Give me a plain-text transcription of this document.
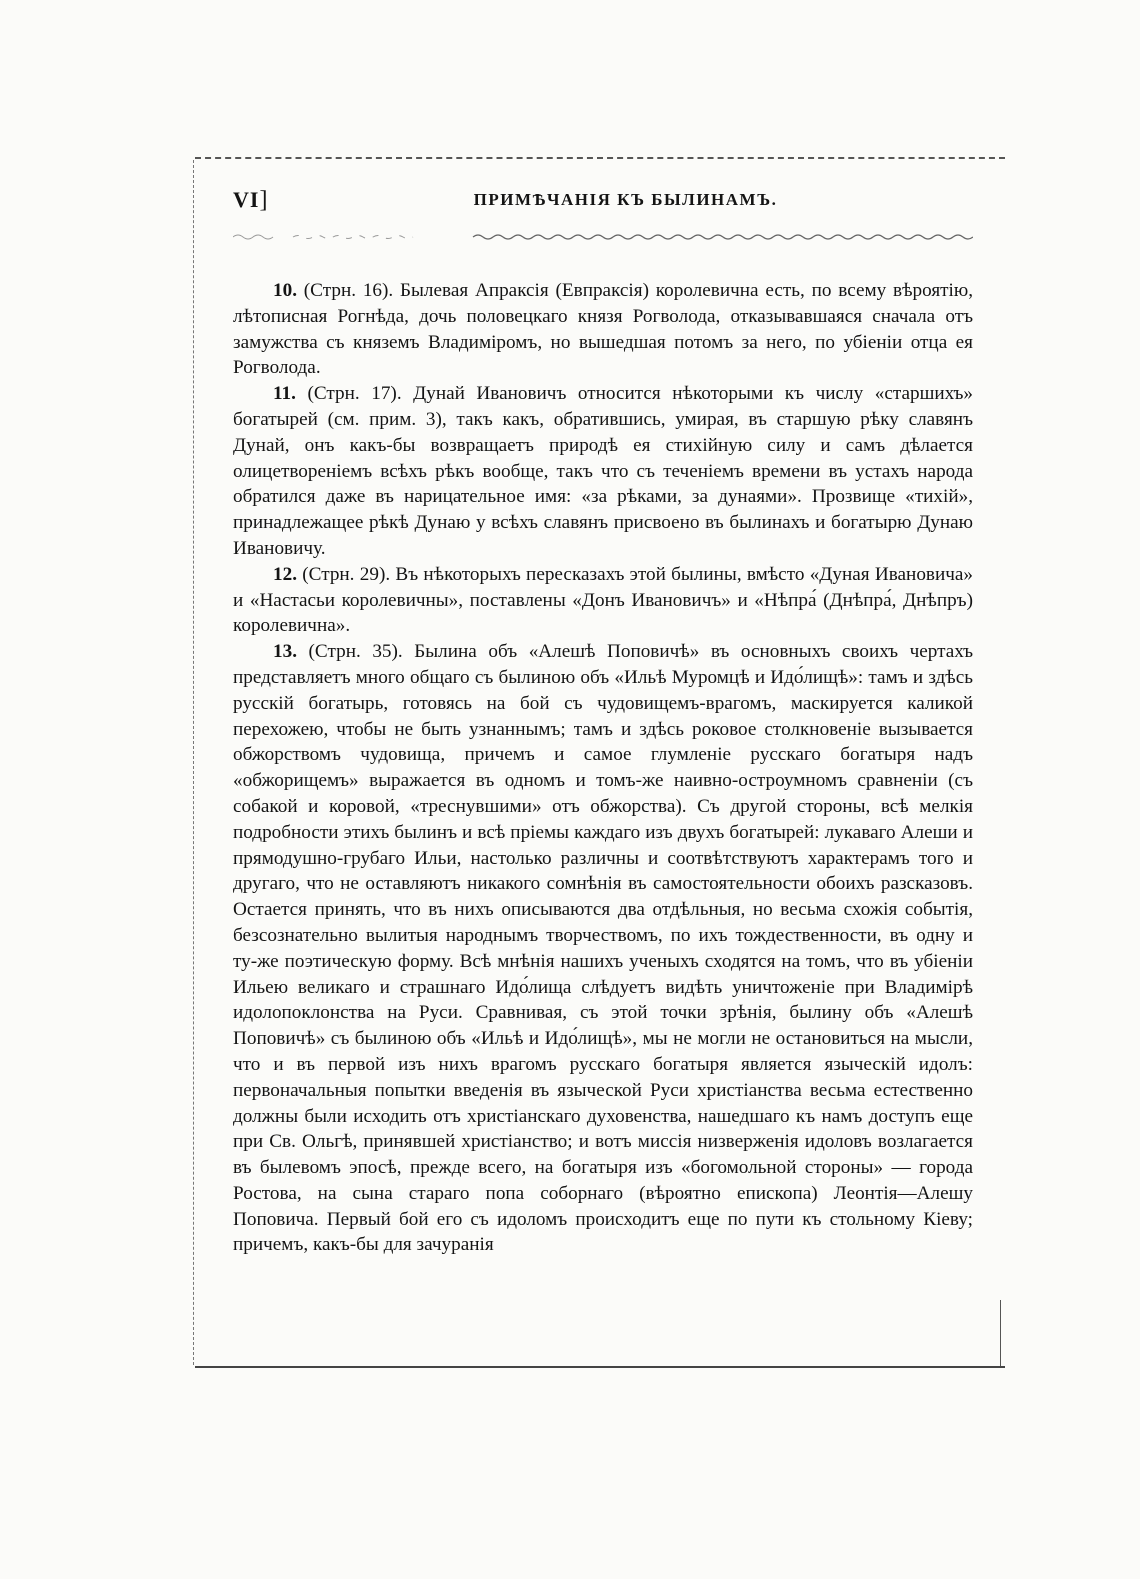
VI]	ПРИМѢЧАНІЯ КЪ БЫЛИНАМЪ.

10. (Стрн. 16). Былевая Апраксія (Евпраксія) королевична есть, по всему вѣроятію, лѣтописная Рогнѣда, дочь половецкаго князя Рогволода, отказывавшаяся сначала отъ замужства съ княземъ Владиміромъ, но вышедшая потомъ за него, по убіеніи отца ея Рогволода.

11. (Стрн. 17). Дунай Ивановичъ относится нѣкоторыми къ числу «старшихъ» богатырей (см. прим. 3), такъ какъ, обратившись, умирая, въ старшую рѣку славянъ Дунай, онъ какъ-бы возвращаетъ природѣ ея стихійную силу и самъ дѣлается олицетвореніемъ всѣхъ рѣкъ вообще, такъ что съ теченіемъ времени въ устахъ народа обратился даже въ нарицательное имя: «за рѣками, за дунаями». Прозвище «тихій», принадлежащее рѣкѣ Дунаю у всѣхъ славянъ присвоено въ былинахъ и богатырю Дунаю Ивановичу.

12. (Стрн. 29). Въ нѣкоторыхъ пересказахъ этой былины, вмѣсто «Дуная Ивановича» и «Настасьи королевичны», поставлены «Донъ Ивановичъ» и «Нѣпра́ (Днѣпра́, Днѣпръ) королевична».

13. (Стрн. 35). Былина объ «Алешѣ Поповичѣ» въ основныхъ своихъ чертахъ представляетъ много общаго съ былиною объ «Ильѣ Муромцѣ и Идо́лищѣ»: тамъ и здѣсь русскій богатырь, готовясь на бой съ чудовищемъ-врагомъ, маскируется каликой перехожею, чтобы не быть узнаннымъ; тамъ и здѣсь роковое столкновеніе вызывается обжорствомъ чудовища, причемъ и самое глумленіе русскаго богатыря надъ «обжорищемъ» выражается въ одномъ и томъ-же наивно-остроумномъ сравненіи (съ собакой и коровой, «треснувшими» отъ обжорства). Съ другой стороны, всѣ мелкія подробности этихъ былинъ и всѣ пріемы каждаго изъ двухъ богатырей: лукаваго Алеши и прямодушно-грубаго Ильи, настолько различны и соотвѣтствуютъ характерамъ того и другаго, что не оставляютъ никакого сомнѣнія въ самостоятельности обоихъ разсказовъ. Остается принять, что въ нихъ описываются два отдѣльныя, но весьма схожія событія, безсознательно вылитыя народнымъ творчествомъ, по ихъ тождественности, въ одну и ту-же поэтическую форму. Всѣ мнѣнія нашихъ ученыхъ сходятся на томъ, что въ убіеніи Ильею великаго и страшнаго Идо́лища слѣдуетъ видѣть уничтоженіе при Владимірѣ идолопоклонства на Руси. Сравнивая, съ этой точки зрѣнія, былину объ «Алешѣ Поповичѣ» съ былиною объ «Ильѣ и Идо́лищѣ», мы не могли не остановиться на мысли, что и въ первой изъ нихъ врагомъ русскаго богатыря является языческій идолъ: первоначальныя попытки введенія въ языческой Руси христіанства весьма естественно должны были исходить отъ христіанскаго духовенства, нашедшаго къ намъ доступъ еще при Св. Ольгѣ, принявшей христіанство; и вотъ миссія низверженія идоловъ возлагается въ былевомъ эпосѣ, прежде всего, на богатыря изъ «богомольной стороны» — города Ростова, на сына стараго попа соборнаго (вѣроятно епископа) Леонтія—Алешу Поповича. Первый бой его съ идоломъ происходитъ еще по пути къ стольному Кіеву; причемъ, какъ-бы для зачуранія
